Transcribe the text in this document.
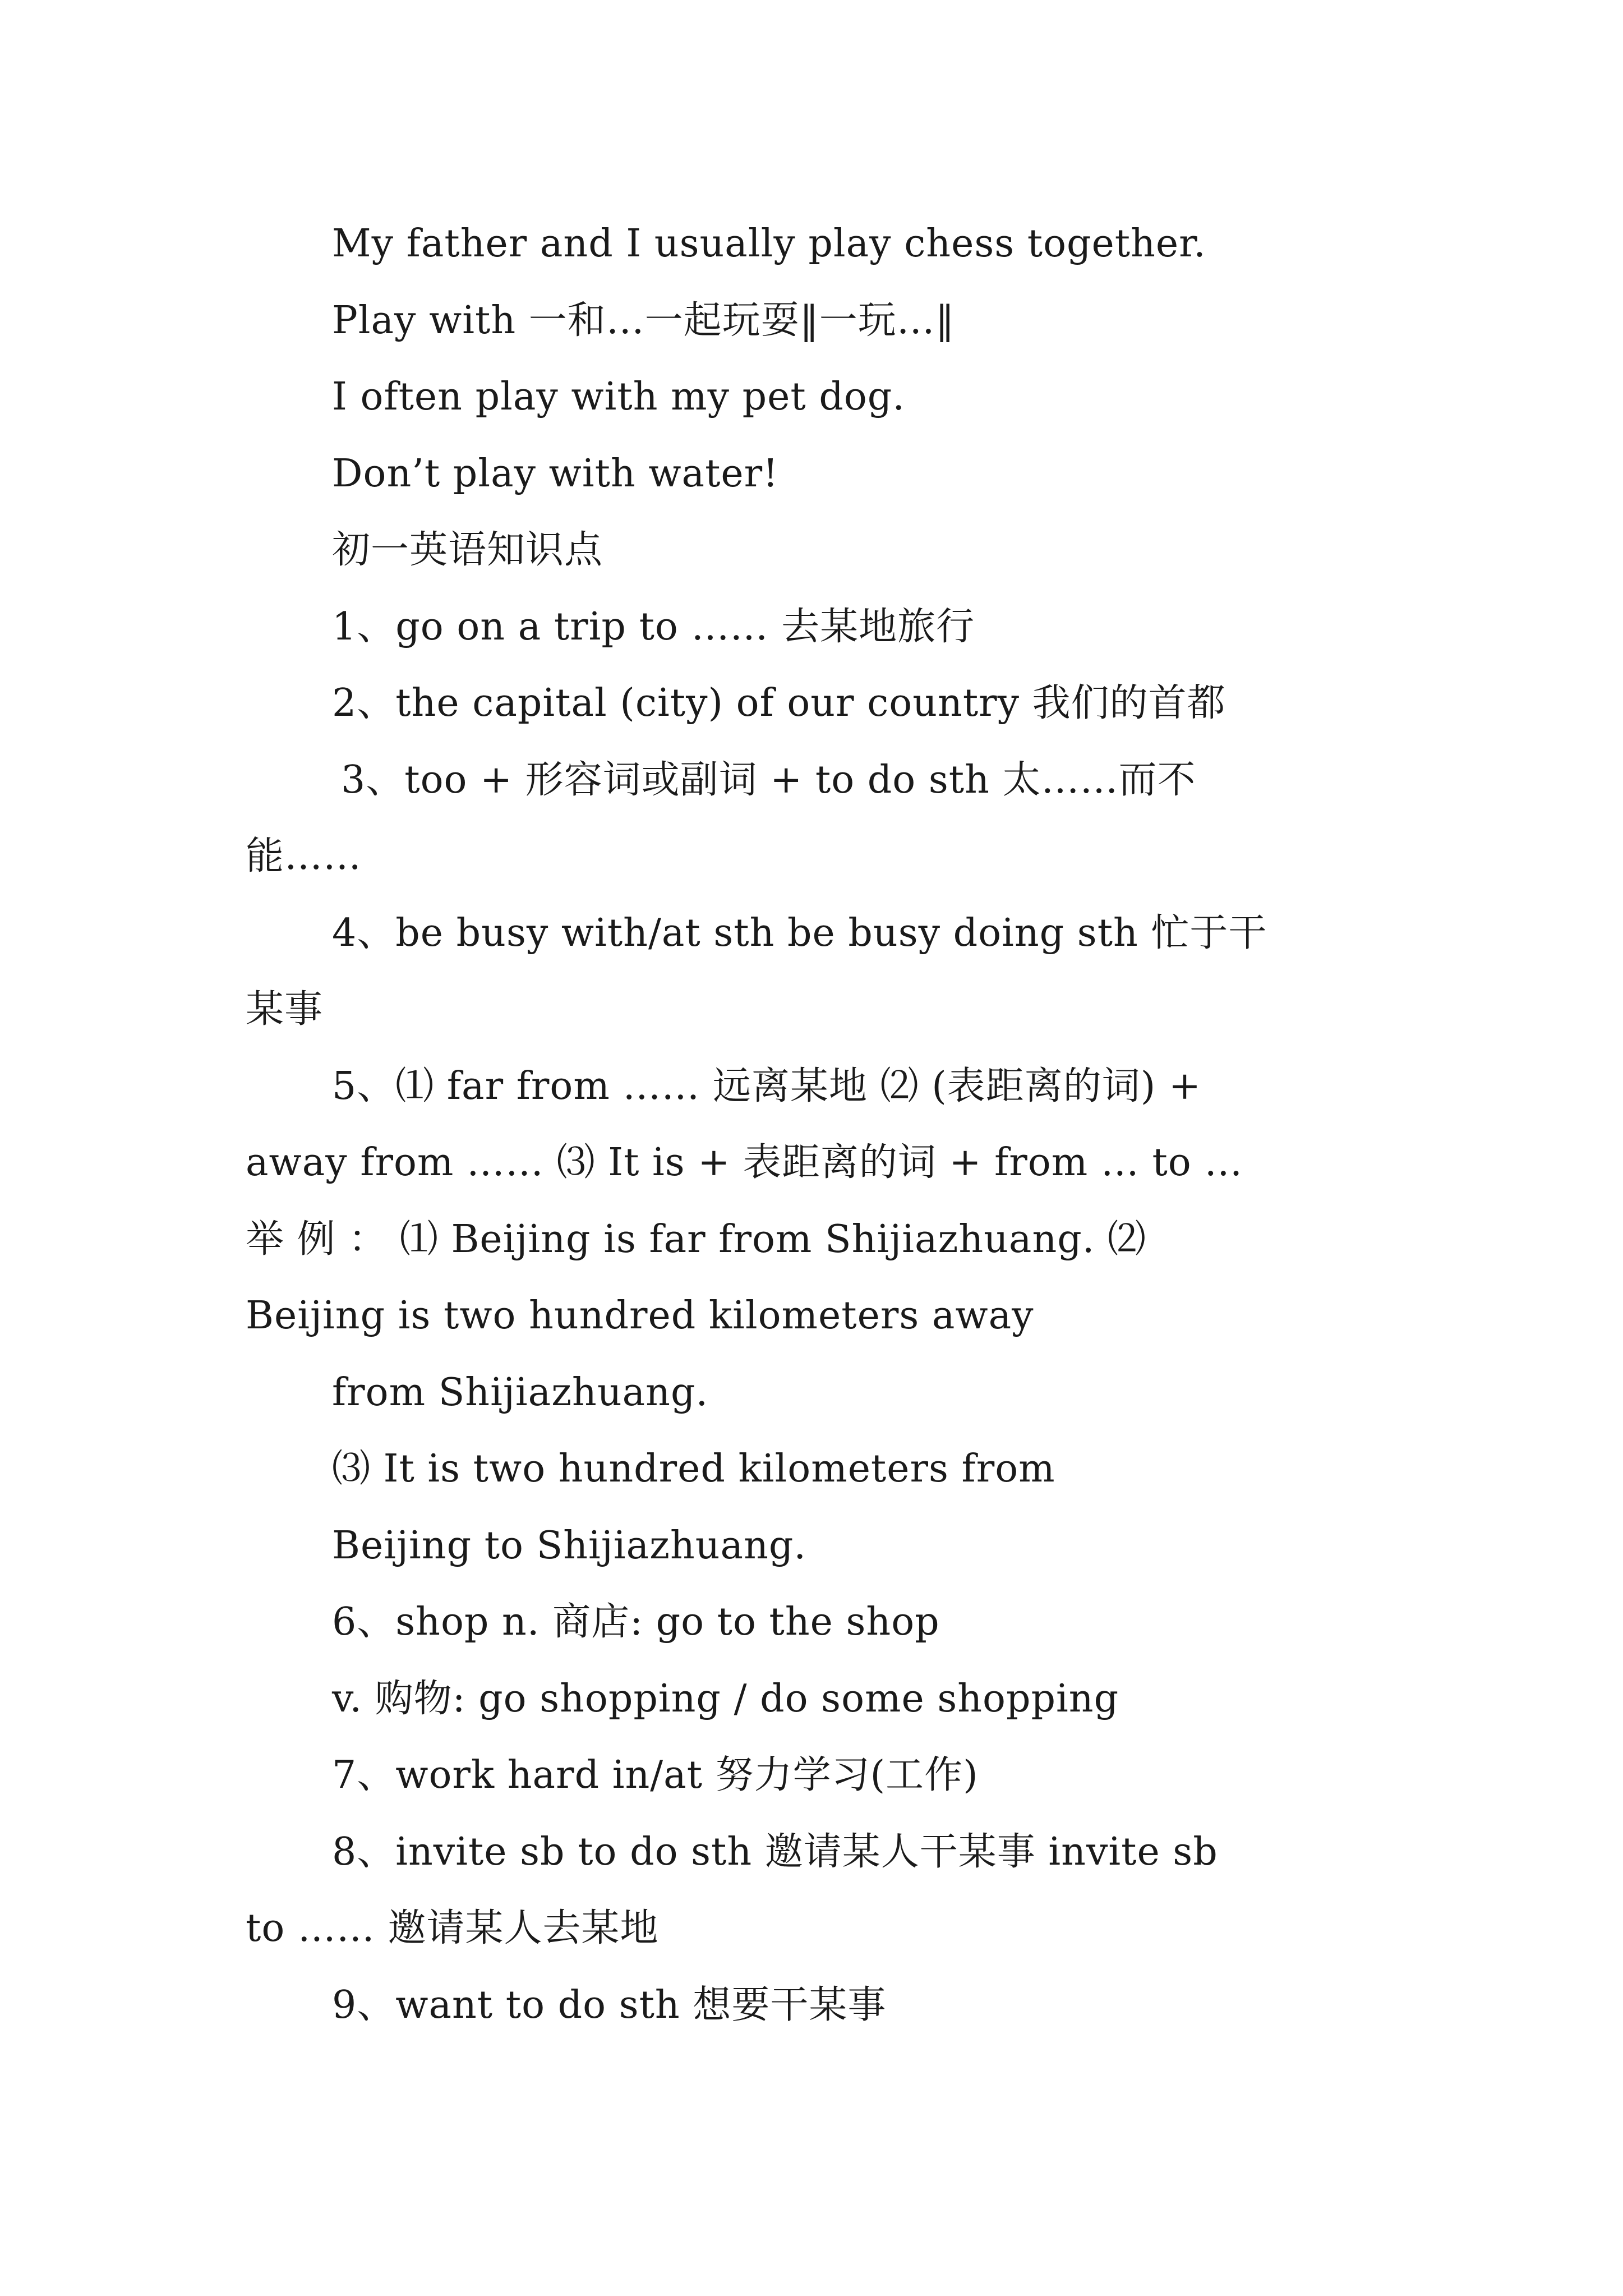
My father and I usually play chess together.
Play with 一和…一起玩耍‖一玩…‖
I often play with my pet dog.
Don’t play with water!
初一英语知识点
1、go on a trip to …… 去某地旅行
2、the capital (city) of our country 我们的首都
3、too + 形容词或副词 + to do sth 太……而不
能……
4、be busy with/at sth be busy doing sth 忙于干
某事
5、⑴ far from …… 远离某地 ⑵ (表距离的词) +
away from …… ⑶ It is + 表距离的词 + from … to …
举 例 ： ⑴ Beijing is far from Shijiazhuang. ⑵
Beijing is two hundred kilometers away
from Shijiazhuang.
⑶ It is two hundred kilometers from
Beijing to Shijiazhuang.
6、shop n. 商店: go to the shop
v. 购物: go shopping / do some shopping
7、work hard in/at 努力学习(工作)
8、invite sb to do sth 邀请某人干某事 invite sb
to …… 邀请某人去某地
9、want to do sth 想要干某事
